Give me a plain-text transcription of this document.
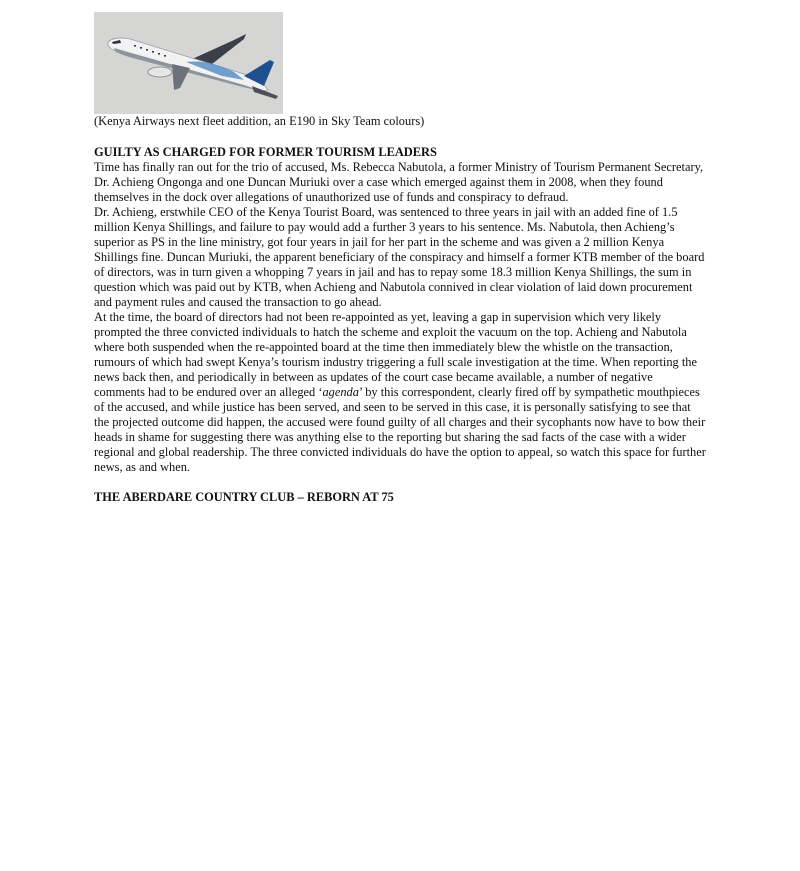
(Kenya Airways next fleet addition, an E190 in Sky Team colours)

GUILTY AS CHARGED FOR FORMER TOURISM LEADERS

Time has finally ran out for the trio of accused, Ms. Rebecca Nabutola, a former Ministry of Tourism Permanent Secretary, Dr. Achieng Ongonga and one Duncan Muriuki over a case which emerged against them in 2008, when they found themselves in the dock over allegations of unauthorized use of funds and conspiracy to defraud.

Dr. Achieng, erstwhile CEO of the Kenya Tourist Board, was sentenced to three years in jail with an added fine of 1.5 million Kenya Shillings, and failure to pay would add a further 3 years to his sentence. Ms. Nabutola, then Achieng’s superior as PS in the line ministry, got four years in jail for her part in the scheme and was given a 2 million Kenya Shillings fine. Duncan Muriuki, the apparent beneficiary of the conspiracy and himself a former KTB member of the board of directors, was in turn given a whopping 7 years in jail and has to repay some 18.3 million Kenya Shillings, the sum in question which was paid out by KTB, when Achieng and Nabutola connived in clear violation of laid down procurement and payment rules and caused the transaction to go ahead.

At the time, the board of directors had not been re-appointed as yet, leaving a gap in supervision which very likely prompted the three convicted individuals to hatch the scheme and exploit the vacuum on the top. Achieng and Nabutola where both suspended when the re-appointed board at the time then immediately blew the whistle on the transaction, rumours of which had swept Kenya’s tourism industry triggering a full scale investigation at the time. When reporting the news back then, and periodically in between as updates of the court case became available, a number of negative comments had to be endured over an alleged ‘agenda’ by this correspondent, clearly fired off by sympathetic mouthpieces of the accused, and while justice has been served, and seen to be served in this case, it is personally satisfying to see that the projected outcome did happen, the accused were found guilty of all charges and their sycophants now have to bow their heads in shame for suggesting there was anything else to the reporting but sharing the sad facts of the case with a wider regional and global readership. The three convicted individuals do have the option to appeal, so watch this space for further news, as and when.

THE ABERDARE COUNTRY CLUB – REBORN AT 75
